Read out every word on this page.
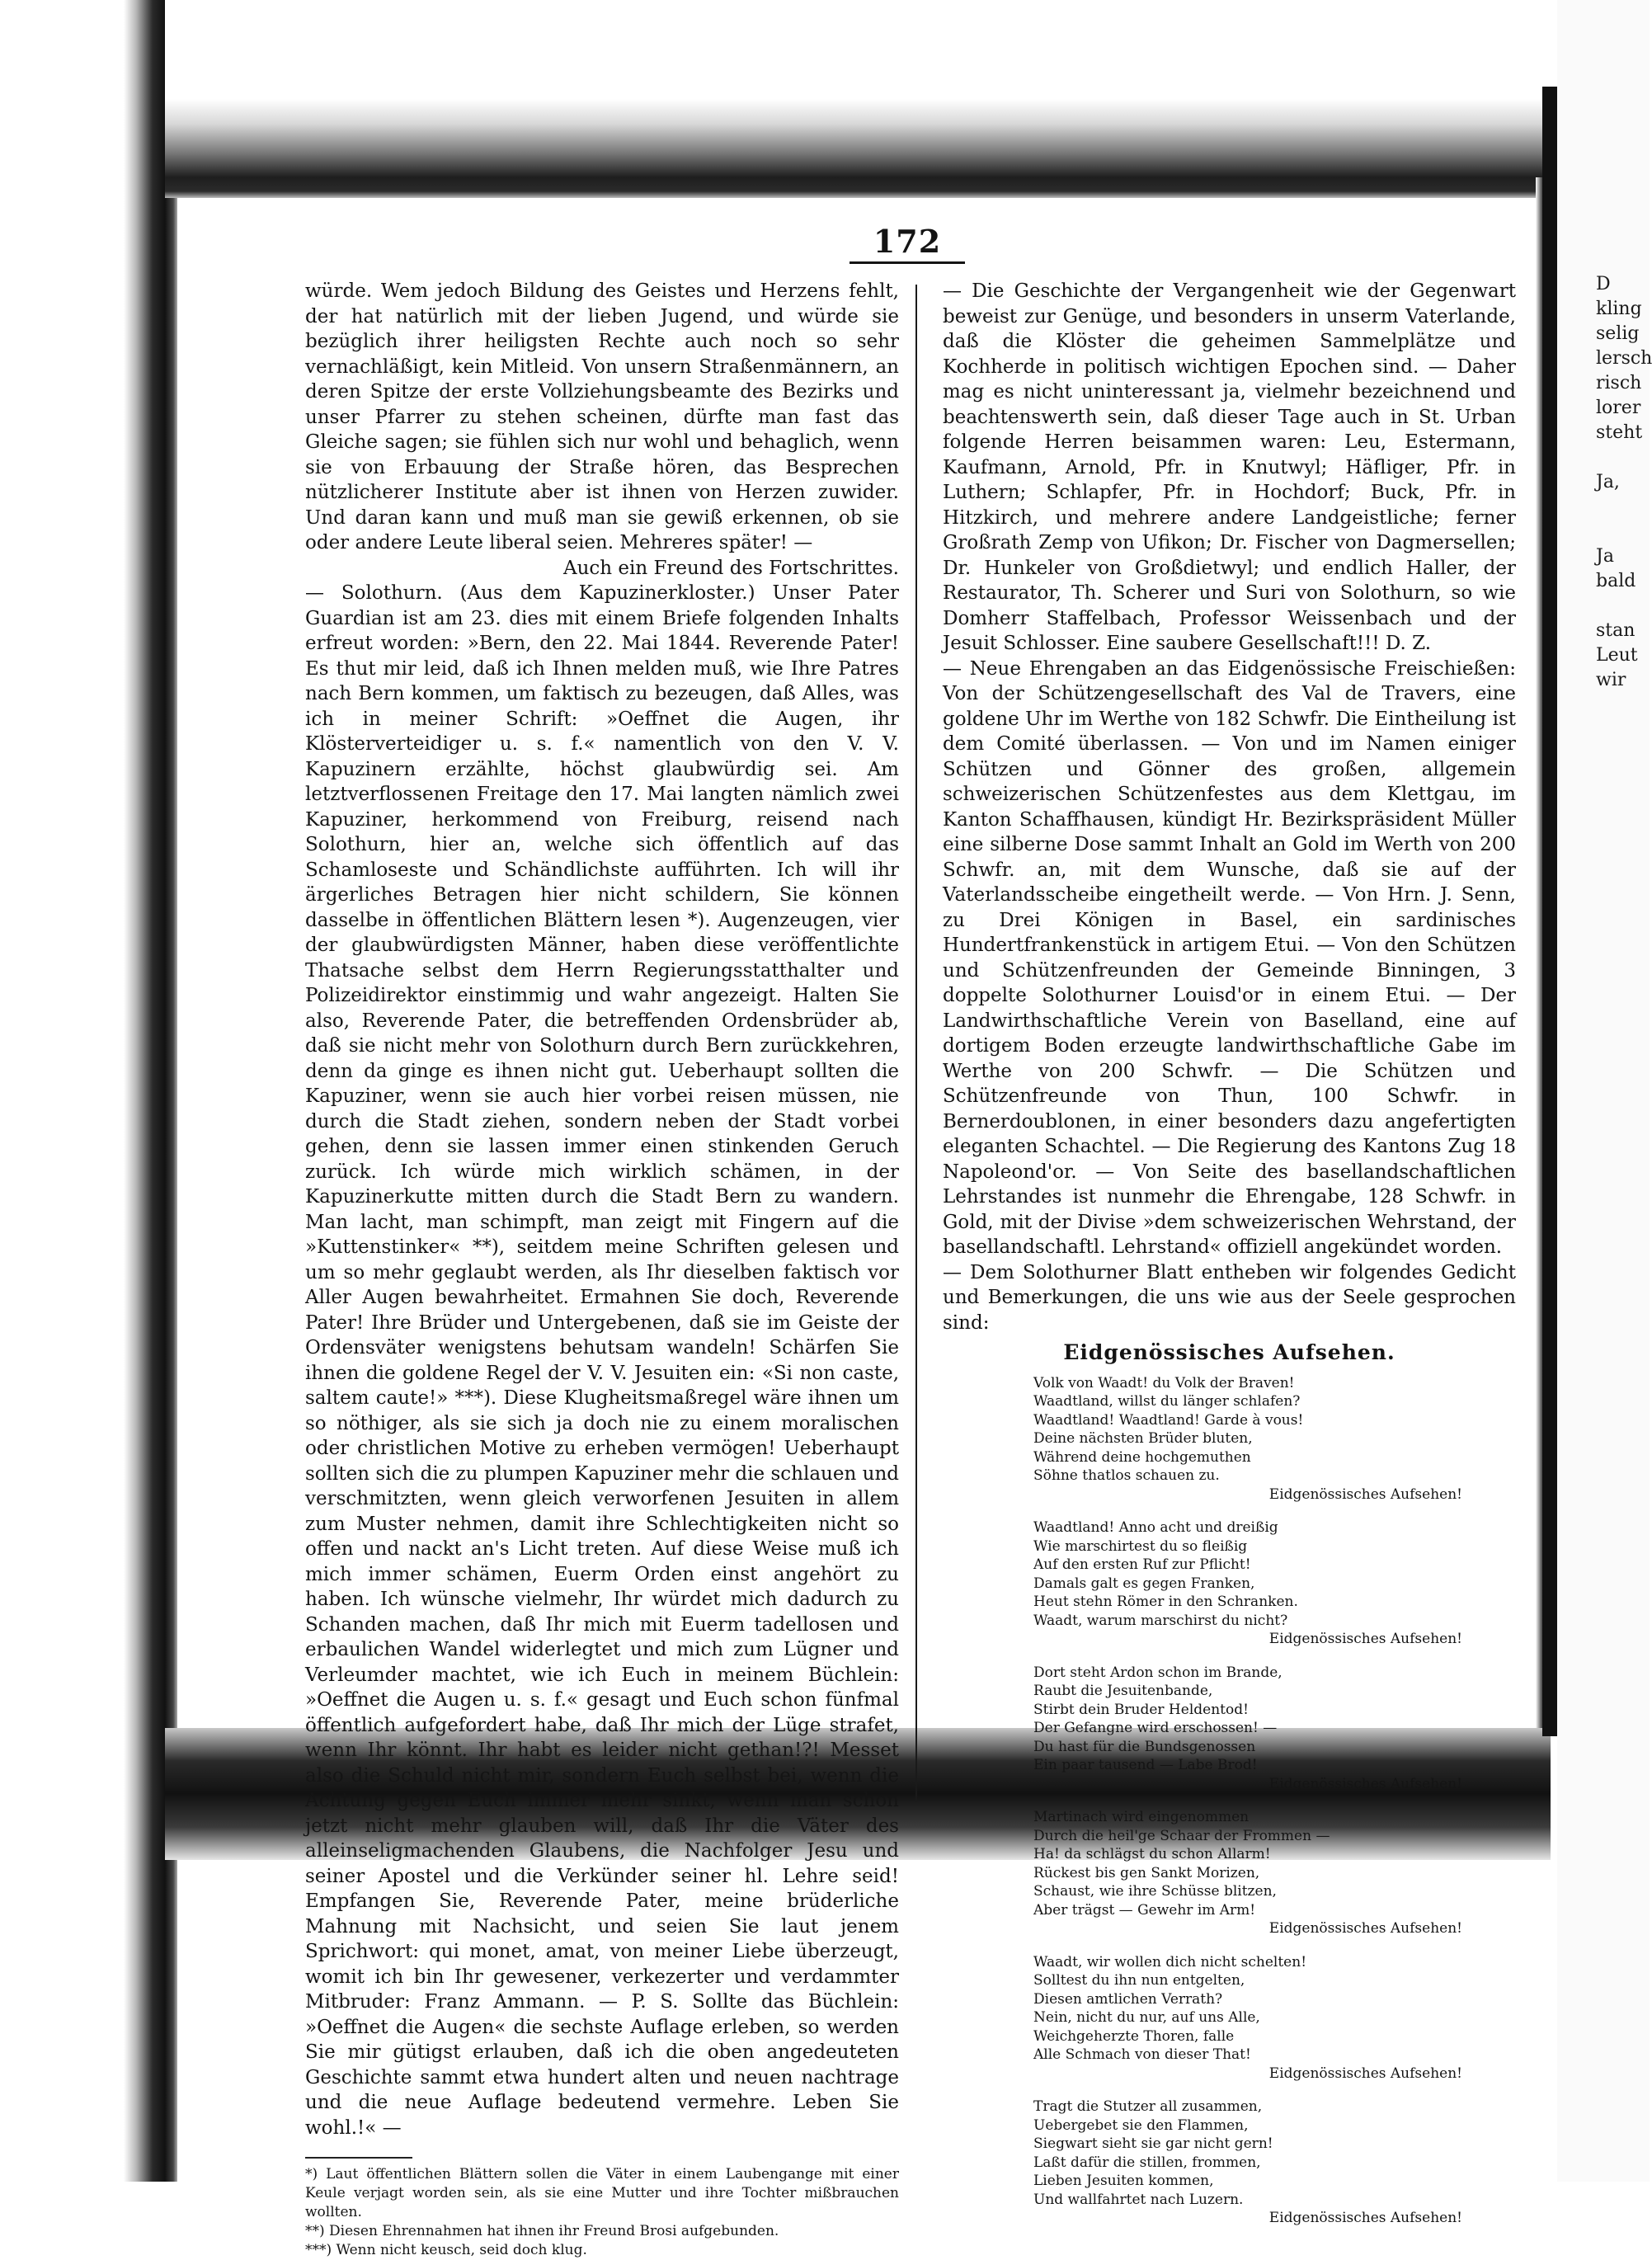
D
kling
selig
lersch
risch
lorer
steht

Ja,

Ja
bald

stan
Leut
wir
172

würde. Wem jedoch Bildung des Geistes und Herzens fehlt, der hat natürlich mit der lieben Jugend, und würde sie bezüglich ihrer heiligsten Rechte auch noch so sehr vernachläßigt, kein Mitleid. Von unsern Straßenmännern, an deren Spitze der erste Vollziehungsbeamte des Bezirks und unser Pfarrer zu stehen scheinen, dürfte man fast das Gleiche sagen; sie fühlen sich nur wohl und behaglich, wenn sie von Erbauung der Straße hören, das Besprechen nützlicherer Institute aber ist ihnen von Herzen zuwider. Und daran kann und muß man sie gewiß erkennen, ob sie oder andere Leute liberal seien. Mehreres später! —

Auch ein Freund des Fortschrittes.

— Solothurn. (Aus dem Kapuzinerkloster.) Unser Pater Guardian ist am 23. dies mit einem Briefe folgenden Inhalts erfreut worden: »Bern, den 22. Mai 1844. Reverende Pater! Es thut mir leid, daß ich Ihnen melden muß, wie Ihre Patres nach Bern kommen, um faktisch zu bezeugen, daß Alles, was ich in meiner Schrift: »Oeffnet die Augen, ihr Klösterverteidiger u. s. f.« namentlich von den V. V. Kapuzinern erzählte, höchst glaubwürdig sei. Am letztverflossenen Freitage den 17. Mai langten nämlich zwei Kapuziner, herkommend von Freiburg, reisend nach Solothurn, hier an, welche sich öffentlich auf das Schamloseste und Schändlichste aufführten. Ich will ihr ärgerliches Betragen hier nicht schildern, Sie können dasselbe in öffentlichen Blättern lesen *). Augenzeugen, vier der glaubwürdigsten Männer, haben diese veröffentlichte Thatsache selbst dem Herrn Regierungsstatthalter und Polizeidirektor einstimmig und wahr angezeigt. Halten Sie also, Reverende Pater, die betreffenden Ordensbrüder ab, daß sie nicht mehr von Solothurn durch Bern zurückkehren, denn da ginge es ihnen nicht gut. Ueberhaupt sollten die Kapuziner, wenn sie auch hier vorbei reisen müssen, nie durch die Stadt ziehen, sondern neben der Stadt vorbei gehen, denn sie lassen immer einen stinkenden Geruch zurück. Ich würde mich wirklich schämen, in der Kapuzinerkutte mitten durch die Stadt Bern zu wandern. Man lacht, man schimpft, man zeigt mit Fingern auf die »Kuttenstinker« **), seitdem meine Schriften gelesen und um so mehr geglaubt werden, als Ihr dieselben faktisch vor Aller Augen bewahrheitet. Ermahnen Sie doch, Reverende Pater! Ihre Brüder und Untergebenen, daß sie im Geiste der Ordensväter wenigstens behutsam wandeln! Schärfen Sie ihnen die goldene Regel der V. V. Jesuiten ein: «Si non caste, saltem caute!» ***). Diese Klugheitsmaßregel wäre ihnen um so nöthiger, als sie sich ja doch nie zu einem moralischen oder christlichen Motive zu erheben vermögen! Ueberhaupt sollten sich die zu plumpen Kapuziner mehr die schlauen und verschmitzten, wenn gleich verworfenen Jesuiten in allem zum Muster nehmen, damit ihre Schlechtigkeiten nicht so offen und nackt an's Licht treten. Auf diese Weise muß ich mich immer schämen, Euerm Orden einst angehört zu haben. Ich wünsche vielmehr, Ihr würdet mich dadurch zu Schanden machen, daß Ihr mich mit Euerm tadellosen und erbaulichen Wandel widerlegtet und mich zum Lügner und Verleumder machtet, wie ich Euch in meinem Büchlein: »Oeffnet die Augen u. s. f.« gesagt und Euch schon fünfmal öffentlich aufgefordert habe, daß Ihr mich der Lüge strafet, wenn Ihr könnt. Ihr habt es leider nicht gethan!?! Messet also die Schuld nicht mir, sondern Euch selbst bei, wenn die Achtung gegen Euch immer mehr sinkt, wenn man schon jetzt nicht mehr glauben will, daß Ihr die Väter des alleinseligmachenden Glaubens, die Nachfolger Jesu und seiner Apostel und die Verkünder seiner hl. Lehre seid! Empfangen Sie, Reverende Pater, meine brüderliche Mahnung mit Nachsicht, und seien Sie laut jenem Sprichwort: qui monet, amat, von meiner Liebe überzeugt, womit ich bin Ihr gewesener, verkezerter und verdammter Mitbruder: Franz Ammann. — P. S. Sollte das Büchlein: »Oeffnet die Augen« die sechste Auflage erleben, so werden Sie mir gütigst erlauben, daß ich die oben angedeuteten Geschichte sammt etwa hundert alten und neuen nachtrage und die neue Auflage bedeutend vermehre. Leben Sie wohl.!« —

*) Laut öffentlichen Blättern sollen die Väter in einem Laubengange mit einer Keule verjagt worden sein, als sie eine Mutter und ihre Tochter mißbrauchen wollten.

**) Diesen Ehrennahmen hat ihnen ihr Freund Brosi aufgebunden.

***) Wenn nicht keusch, seid doch klug.

— Die Geschichte der Vergangenheit wie der Gegenwart beweist zur Genüge, und besonders in unserm Vaterlande, daß die Klöster die geheimen Sammelplätze und Kochherde in politisch wichtigen Epochen sind. — Daher mag es nicht uninteressant ja, vielmehr bezeichnend und beachtenswerth sein, daß dieser Tage auch in St. Urban folgende Herren beisammen waren: Leu, Estermann, Kaufmann, Arnold, Pfr. in Knutwyl; Häfliger, Pfr. in Luthern; Schlapfer, Pfr. in Hochdorf; Buck, Pfr. in Hitzkirch, und mehrere andere Landgeistliche; ferner Großrath Zemp von Ufikon; Dr. Fischer von Dagmersellen; Dr. Hunkeler von Großdietwyl; und endlich Haller, der Restaurator, Th. Scherer und Suri von Solothurn, so wie Domherr Staffelbach, Professor Weissenbach und der Jesuit Schlosser. Eine saubere Gesellschaft!!! D. Z.

— Neue Ehrengaben an das Eidgenössische Freischießen: Von der Schützengesellschaft des Val de Travers, eine goldene Uhr im Werthe von 182 Schwfr. Die Eintheilung ist dem Comité überlassen. — Von und im Namen einiger Schützen und Gönner des großen, allgemein schweizerischen Schützenfestes aus dem Klettgau, im Kanton Schaffhausen, kündigt Hr. Bezirkspräsident Müller eine silberne Dose sammt Inhalt an Gold im Werth von 200 Schwfr. an, mit dem Wunsche, daß sie auf der Vaterlandsscheibe eingetheilt werde. — Von Hrn. J. Senn, zu Drei Königen in Basel, ein sardinisches Hundertfrankenstück in artigem Etui. — Von den Schützen und Schützenfreunden der Gemeinde Binningen, 3 doppelte Solothurner Louisd'or in einem Etui. — Der Landwirthschaftliche Verein von Baselland, eine auf dortigem Boden erzeugte landwirthschaftliche Gabe im Werthe von 200 Schwfr. — Die Schützen und Schützenfreunde von Thun, 100 Schwfr. in Bernerdoublonen, in einer besonders dazu angefertigten eleganten Schachtel. — Die Regierung des Kantons Zug 18 Napoleond'or. — Von Seite des basellandschaftlichen Lehrstandes ist nunmehr die Ehrengabe, 128 Schwfr. in Gold, mit der Divise »dem schweizerischen Wehrstand, der basellandschaftl. Lehrstand« offiziell angekündet worden.

— Dem Solothurner Blatt entheben wir folgendes Gedicht und Bemerkungen, die uns wie aus der Seele gesprochen sind:

Eidgenössisches Aufsehen.
Volk von Waadt! du Volk der Braven!
Waadtland, willst du länger schlafen?
Waadtland! Waadtland! Garde à vous!
Deine nächsten Brüder bluten,
Während deine hochgemuthen
Söhne thatlos schauen zu.
Eidgenössisches Aufsehen!
Waadtland! Anno acht und dreißig
Wie marschirtest du so fleißig
Auf den ersten Ruf zur Pflicht!
Damals galt es gegen Franken,
Heut stehn Römer in den Schranken.
Waadt, warum marschirst du nicht?
Eidgenössisches Aufsehen!
Dort steht Ardon schon im Brande,
Raubt die Jesuitenbande,
Stirbt dein Bruder Heldentod!
Der Gefangne wird erschossen! —
Du hast für die Bundsgenossen
Ein paar tausend — Labe Brod!
Eidgenössisches Aufsehen!
Martinach wird eingenommen
Durch die heil'ge Schaar der Frommen —
Ha! da schlägst du schon Allarm!
Rückest bis gen Sankt Morizen,
Schaust, wie ihre Schüsse blitzen,
Aber trägst — Gewehr im Arm!
Eidgenössisches Aufsehen!
Waadt, wir wollen dich nicht schelten!
Solltest du ihn nun entgelten,
Diesen amtlichen Verrath?
Nein, nicht du nur, auf uns Alle,
Weichgeherzte Thoren, falle
Alle Schmach von dieser That!
Eidgenössisches Aufsehen!
Tragt die Stutzer all zusammen,
Uebergebet sie den Flammen,
Siegwart sieht sie gar nicht gern!
Laßt dafür die stillen, frommen,
Lieben Jesuiten kommen,
Und wallfahrtet nach Luzern.
Eidgenössisches Aufsehen!
